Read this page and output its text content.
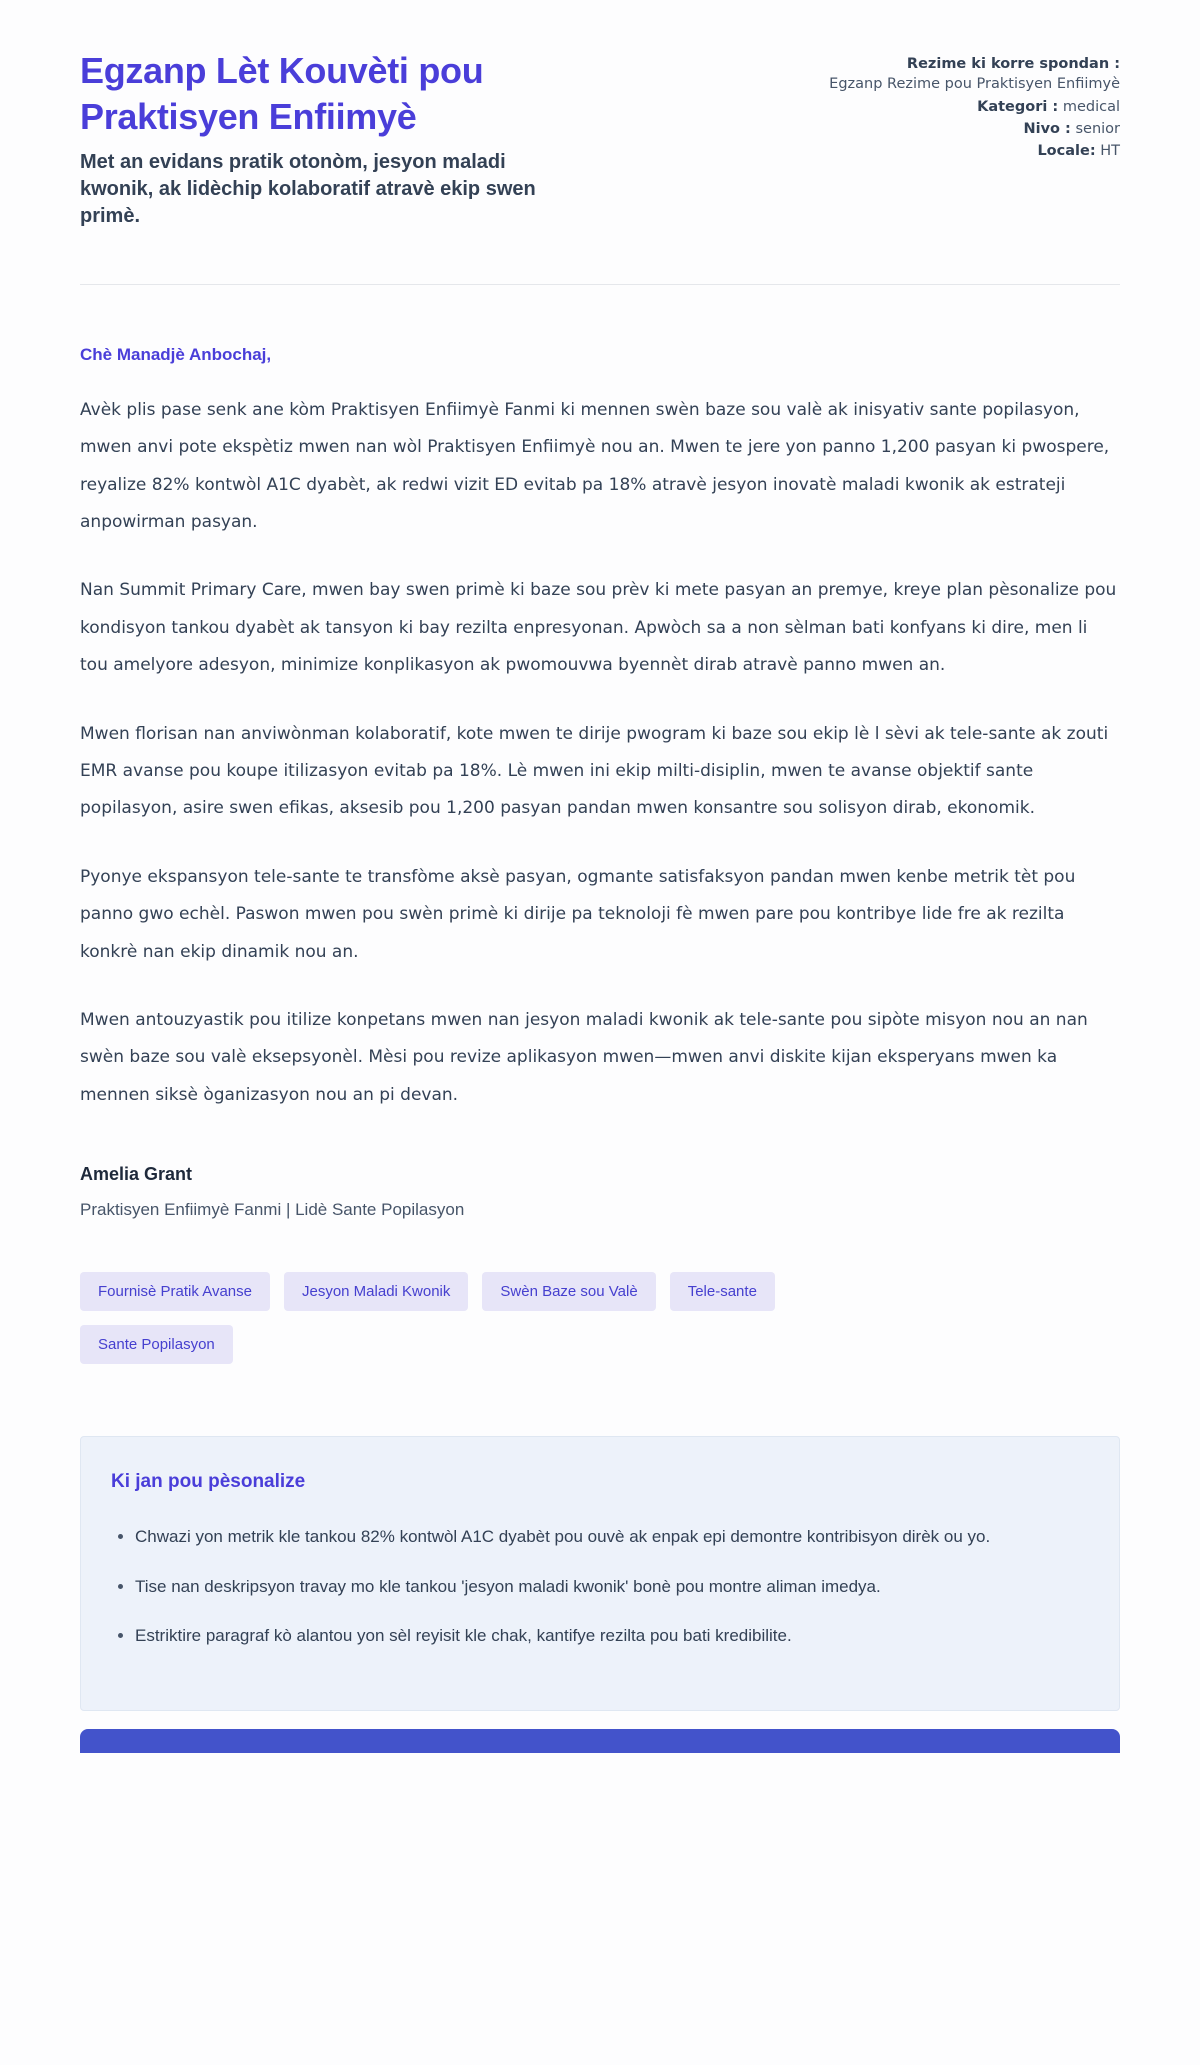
Egzanp Lèt Kouvèti pou Praktisyen Enfiimyè
Met an evidans pratik otonòm, jesyon maladi kwonik, ak lidèchip kolaboratif atravè ekip swen primè.
Rezime ki korre spondan :
Egzanp Rezime pou Praktisyen Enfiimyè
Kategori : medical
Nivo : senior
Locale: HT
Chè Manadjè Anbochaj,

Avèk plis pase senk ane kòm Praktisyen Enfiimyè Fanmi ki mennen swèn baze sou valè ak inisyativ sante popilasyon, mwen anvi pote ekspètiz mwen nan wòl Praktisyen Enfiimyè nou an. Mwen te jere yon panno 1,200 pasyan ki pwospere, reyalize 82% kontwòl A1C dyabèt, ak redwi vizit ED evitab pa 18% atravè jesyon inovatè maladi kwonik ak estrateji anpowirman pasyan.

Nan Summit Primary Care, mwen bay swen primè ki baze sou prèv ki mete pasyan an premye, kreye plan pèsonalize pou kondisyon tankou dyabèt ak tansyon ki bay rezilta enpresyonan. Apwòch sa a non sèlman bati konfyans ki dire, men li tou amelyore adesyon, minimize konplikasyon ak pwomouvwa byennèt dirab atravè panno mwen an.

Mwen florisan nan anviwònman kolaboratif, kote mwen te dirije pwogram ki baze sou ekip lè l sèvi ak tele-sante ak zouti EMR avanse pou koupe itilizasyon evitab pa 18%. Lè mwen ini ekip milti-disiplin, mwen te avanse objektif sante popilasyon, asire swen efikas, aksesib pou 1,200 pasyan pandan mwen konsantre sou solisyon dirab, ekonomik.

Pyonye ekspansyon tele-sante te transfòme aksè pasyan, ogmante satisfaksyon pandan mwen kenbe metrik tèt pou panno gwo echèl. Paswon mwen pou swèn primè ki dirije pa teknoloji fè mwen pare pou kontribye lide fre ak rezilta konkrè nan ekip dinamik nou an.

Mwen antouzyastik pou itilize konpetans mwen nan jesyon maladi kwonik ak tele-sante pou sipòte misyon nou an nan swèn baze sou valè eksepsyonèl. Mèsi pou revize aplikasyon mwen—mwen anvi diskite kijan eksperyans mwen ka mennen siksè òganizasyon nou an pi devan.

Amelia Grant
Praktisyen Enfiimyè Fanmi | Lidè Sante Popilasyon
Fournisè Pratik Avanse	Jesyon Maladi Kwonik	Swèn Baze sou Valè	Tele-sante
Sante Popilasyon
Ki jan pou pèsonalize
• Chwazi yon metrik kle tankou 82% kontwòl A1C dyabèt pou ouvè ak enpak epi demontre kontribisyon dirèk ou yo.
• Tise nan deskripsyon travay mo kle tankou 'jesyon maladi kwonik' bonè pou montre aliman imedya.
• Estriktire paragraf kò alantou yon sèl reyisit kle chak, kantifye rezilta pou bati kredibilite.
